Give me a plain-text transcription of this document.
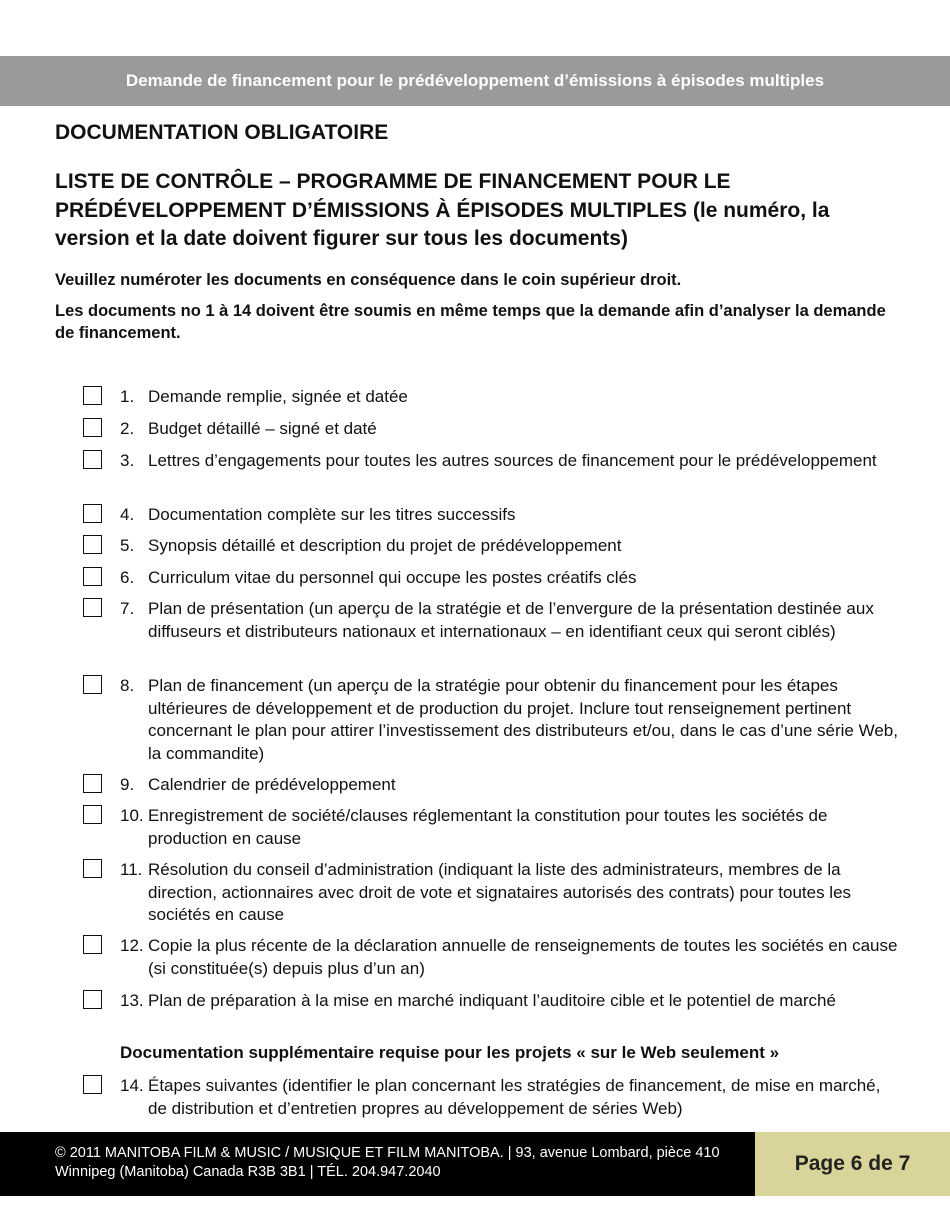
Demande de financement pour le prédéveloppement d’émissions à épisodes multiples
DOCUMENTATION OBLIGATOIRE
LISTE DE CONTRÔLE – PROGRAMME DE FINANCEMENT POUR LE PRÉDÉVELOPPEMENT D’ÉMISSIONS À ÉPISODES MULTIPLES (le numéro, la version et la date doivent figurer sur tous les documents)

Veuillez numéroter les documents en conséquence dans le coin supérieur droit.

Les documents no 1 à 14 doivent être soumis en même temps que la demande afin d’analyser la demande de financement.

1. Demande remplie, signée et datée
2. Budget détaillé – signé et daté
3. Lettres d’engagements pour toutes les autres sources de financement pour le prédéveloppement
4. Documentation complète sur les titres successifs
5. Synopsis détaillé et description du projet de prédéveloppement
6. Curriculum vitae du personnel qui occupe les postes créatifs clés
7. Plan de présentation (un aperçu de la stratégie et de l’envergure de la présentation destinée aux diffuseurs et distributeurs nationaux et internationaux – en identifiant ceux qui seront ciblés)
8. Plan de financement (un aperçu de la stratégie pour obtenir du financement pour les étapes ultérieures de développement et de production du projet. Inclure tout renseignement pertinent concernant le plan pour attirer l’investissement des distributeurs et/ou, dans le cas d’une série Web, la commandite)
9. Calendrier de prédéveloppement
10. Enregistrement de société/clauses réglementant la constitution pour toutes les sociétés de production en cause
11. Résolution du conseil d’administration (indiquant la liste des administrateurs, membres de la direction, actionnaires avec droit de vote et signataires autorisés des contrats) pour toutes les sociétés en cause
12. Copie la plus récente de la déclaration annuelle de renseignements de toutes les sociétés en cause (si constituée(s) depuis plus d’un an)
13. Plan de préparation à la mise en marché indiquant l’auditoire cible et le potentiel de marché
Documentation supplémentaire requise pour les projets « sur le Web seulement »
14. Étapes suivantes (identifier le plan concernant les stratégies de financement, de mise en marché, de distribution et d’entretien propres au développement de séries Web)
© 2011 MANITOBA FILM & MUSIC / MUSIQUE ET FILM MANITOBA. | 93, avenue Lombard, pièce 410 Winnipeg (Manitoba) Canada R3B 3B1 | TÉL. 204.947.2040	Page 6 de 7
